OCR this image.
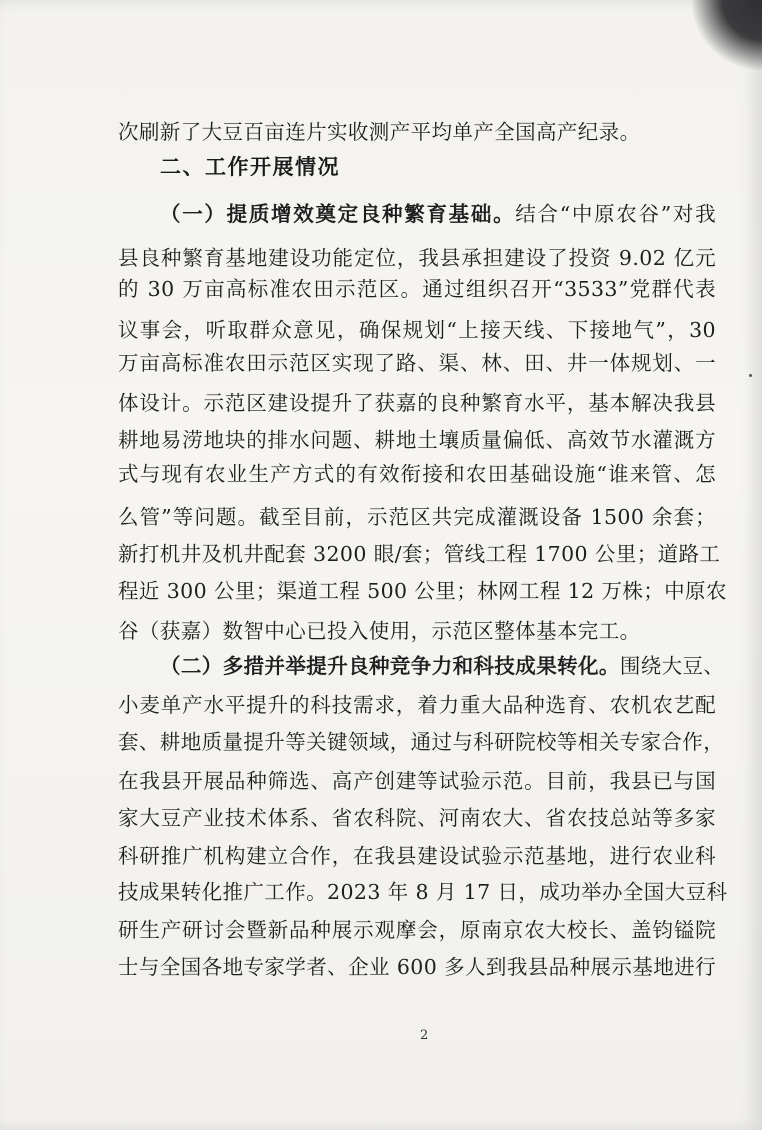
次刷新了大豆百亩连片实收测产平均单产全国高产纪录。
二、工作开展情况
（一）提质增效奠定良种繁育基础。结合“中原农谷”对我
县良种繁育基地建设功能定位，我县承担建设了投资 9.02 亿元
的 30 万亩高标准农田示范区。通过组织召开“3533”党群代表
议事会，听取群众意见，确保规划“上接天线、下接地气”，30
万亩高标准农田示范区实现了路、渠、林、田、井一体规划、一
体设计。示范区建设提升了获嘉的良种繁育水平，基本解决我县
耕地易涝地块的排水问题、耕地土壤质量偏低、高效节水灌溉方
式与现有农业生产方式的有效衔接和农田基础设施“谁来管、怎
么管”等问题。截至目前，示范区共完成灌溉设备 1500 余套；
新打机井及机井配套 3200 眼/套；管线工程 1700 公里；道路工
程近 300 公里；渠道工程 500 公里；林网工程 12 万株；中原农
谷（获嘉）数智中心已投入使用，示范区整体基本完工。
（二）多措并举提升良种竞争力和科技成果转化。围绕大豆、
小麦单产水平提升的科技需求，着力重大品种选育、农机农艺配
套、耕地质量提升等关键领域，通过与科研院校等相关专家合作，
在我县开展品种筛选、高产创建等试验示范。目前，我县已与国
家大豆产业技术体系、省农科院、河南农大、省农技总站等多家
科研推广机构建立合作，在我县建设试验示范基地，进行农业科
技成果转化推广工作。2023 年 8 月 17 日，成功举办全国大豆科
研生产研讨会暨新品种展示观摩会，原南京农大校长、盖钧镒院
士与全国各地专家学者、企业 600 多人到我县品种展示基地进行
2
